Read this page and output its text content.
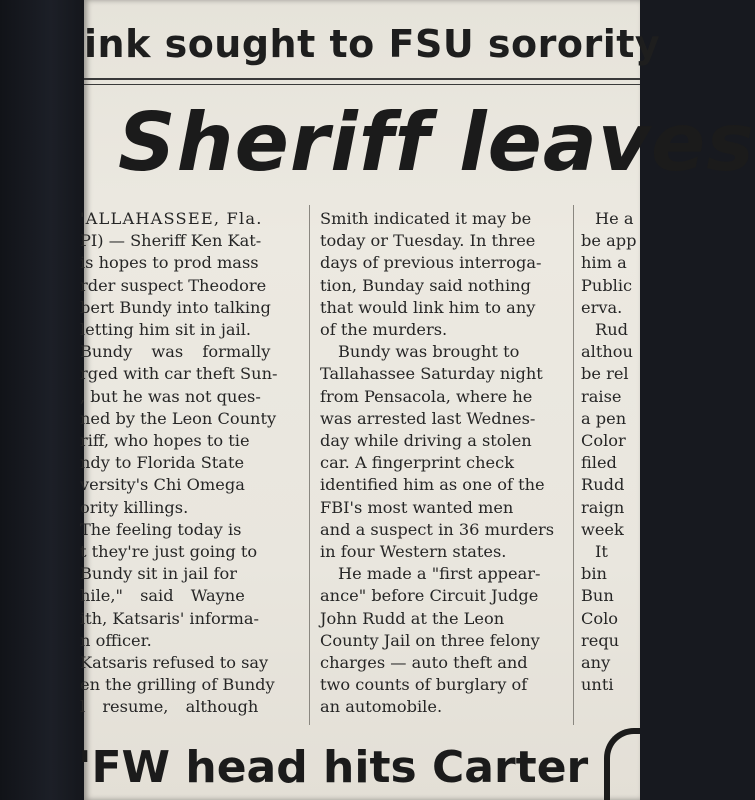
ink sought to FSU sorority
Sheriff leaves
'ALLAHASSEE, Fla.
PI) — Sheriff Ken Kat-
is hopes to prod mass
rder suspect Theodore
bert Bundy into talking
letting him sit in jail.
Bundy was formally
rged with car theft Sun-
, but he was not ques-
ned by the Leon County
riff, who hopes to tie
ndy to Florida State
versity's Chi Omega
ority killings.
The feeling today is
t they're just going to
Bundy sit in jail for
hile," said Wayne
ith, Katsaris' informa-
n officer.
Katsaris refused to say
en the grilling of Bundy
l resume, although
Smith indicated it may be
today or Tuesday. In three
days of previous interroga-
tion, Bunday said nothing
that would link him to any
of the murders.
Bundy was brought to
Tallahassee Saturday night
from Pensacola, where he
was arrested last Wednes-
day while driving a stolen
car. A fingerprint check
identified him as one of the
FBI's most wanted men
and a suspect in 36 murders
in four Western states.
He made a "first appear-
ance" before Circuit Judge
John Rudd at the Leon
County Jail on three felony
charges — auto theft and
two counts of burglary of
an automobile.
He a
be app
him a
Public
erva.
Rud
althou
be rel
raise
a pen
Color
filed
Rudd
raign
week
It
bin
Bun
Colo
requ
any
unti
'FW head hits Carter
